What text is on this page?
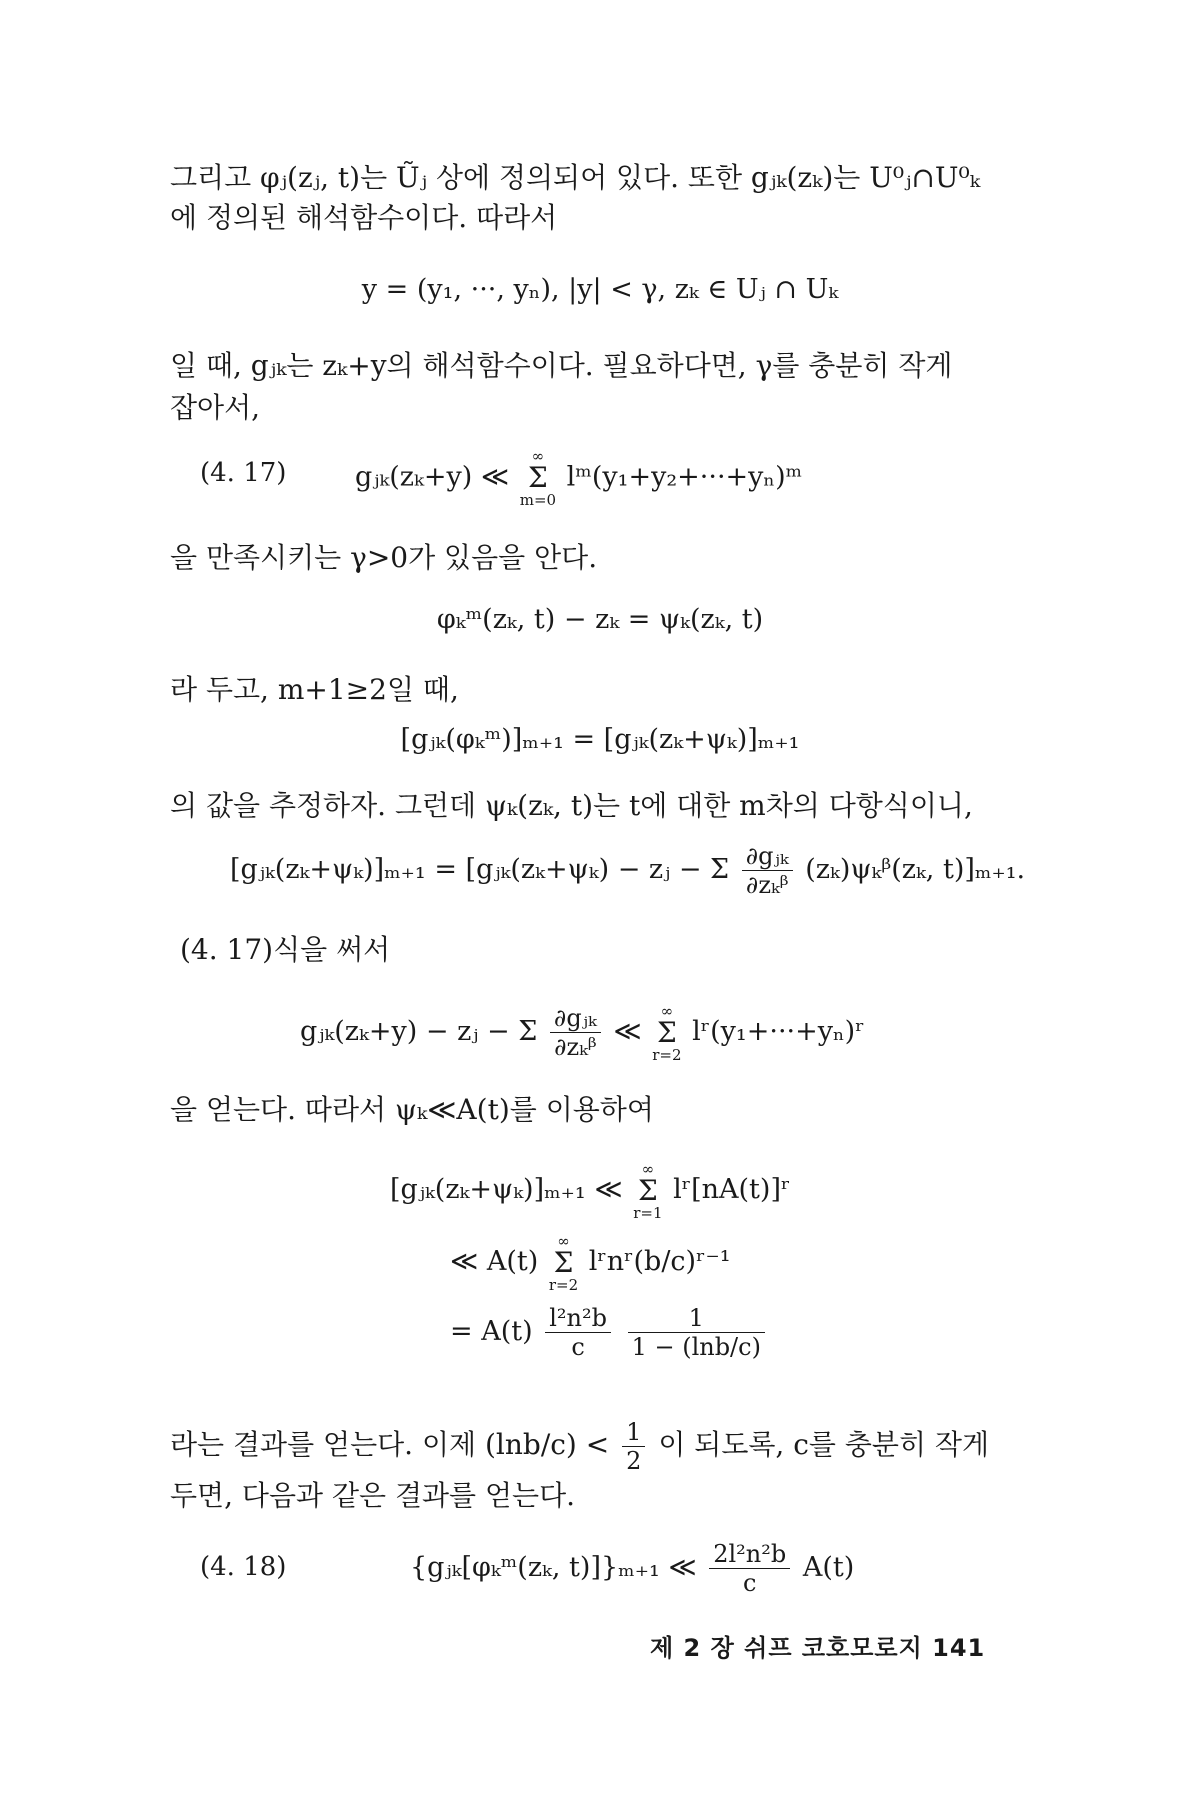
그리고 φⱼ(zⱼ, t)는 Ũⱼ 상에 정의되어 있다. 또한 gⱼₖ(zₖ)는 U⁰ⱼ∩U⁰ₖ
에 정의된 해석함수이다. 따라서
y = (y₁, ···, yₙ), |y| < γ, zₖ ∈ Uⱼ ∩ Uₖ
일 때, gⱼₖ는 zₖ+y의 해석함수이다. 필요하다면, γ를 충분히 작게
잡아서,
(4. 17)	gⱼₖ(zₖ+y) ≪
∞
Σ
m=0
lᵐ(y₁+y₂+···+yₙ)ᵐ
을 만족시키는 γ>0가 있음을 안다.
φₖᵐ(zₖ, t) − zₖ = ψₖ(zₖ, t)
라 두고, m+1≥2일 때,
[gⱼₖ(φₖᵐ)]ₘ₊₁ = [gⱼₖ(zₖ+ψₖ)]ₘ₊₁
의 값을 추정하자. 그런데 ψₖ(zₖ, t)는 t에 대한 m차의 다항식이니,
[gⱼₖ(zₖ+ψₖ)]ₘ₊₁ = [gⱼₖ(zₖ+ψₖ) − zⱼ − Σ $\frac{\text{∂gⱼₖ}}{\text{∂zₖᵝ}}$ (zₖ)ψₖᵝ(zₖ, t)]ₘ₊₁.
(4. 17)식을 써서
gⱼₖ(zₖ+y) − zⱼ − Σ $\frac{\text{∂gⱼₖ}}{\text{∂zₖᵝ}}$ ≪
∞
Σ
r=2
lʳ(y₁+···+yₙ)ʳ
을 얻는다. 따라서 ψₖ≪A(t)를 이용하여
[gⱼₖ(zₖ+ψₖ)]ₘ₊₁ ≪
∞
Σ
r=1
lʳ[nA(t)]ʳ
≪ A(t)
∞
Σ
r=2
lʳnʳ(b/c)ʳ⁻¹
= $A(t) \frac{\text{l²n²b}}{c}$
$\frac{1}{1 - (\ln b/c)}$
라는 결과를 얻는다. 이제 $(\ln b/c) < \frac{1}{2}$ 이 되도록, c를 충분히 작게
두면, 다음과 같은 결과를 얻는다.
(4. 18)	{gⱼₖ[φₖᵐ(zₖ, t)]}ₘ₊₁ ≪ $\frac{\text{2l²n²b}}{c} A(t)$
제 2 장 쉬프 코호모로지 141
